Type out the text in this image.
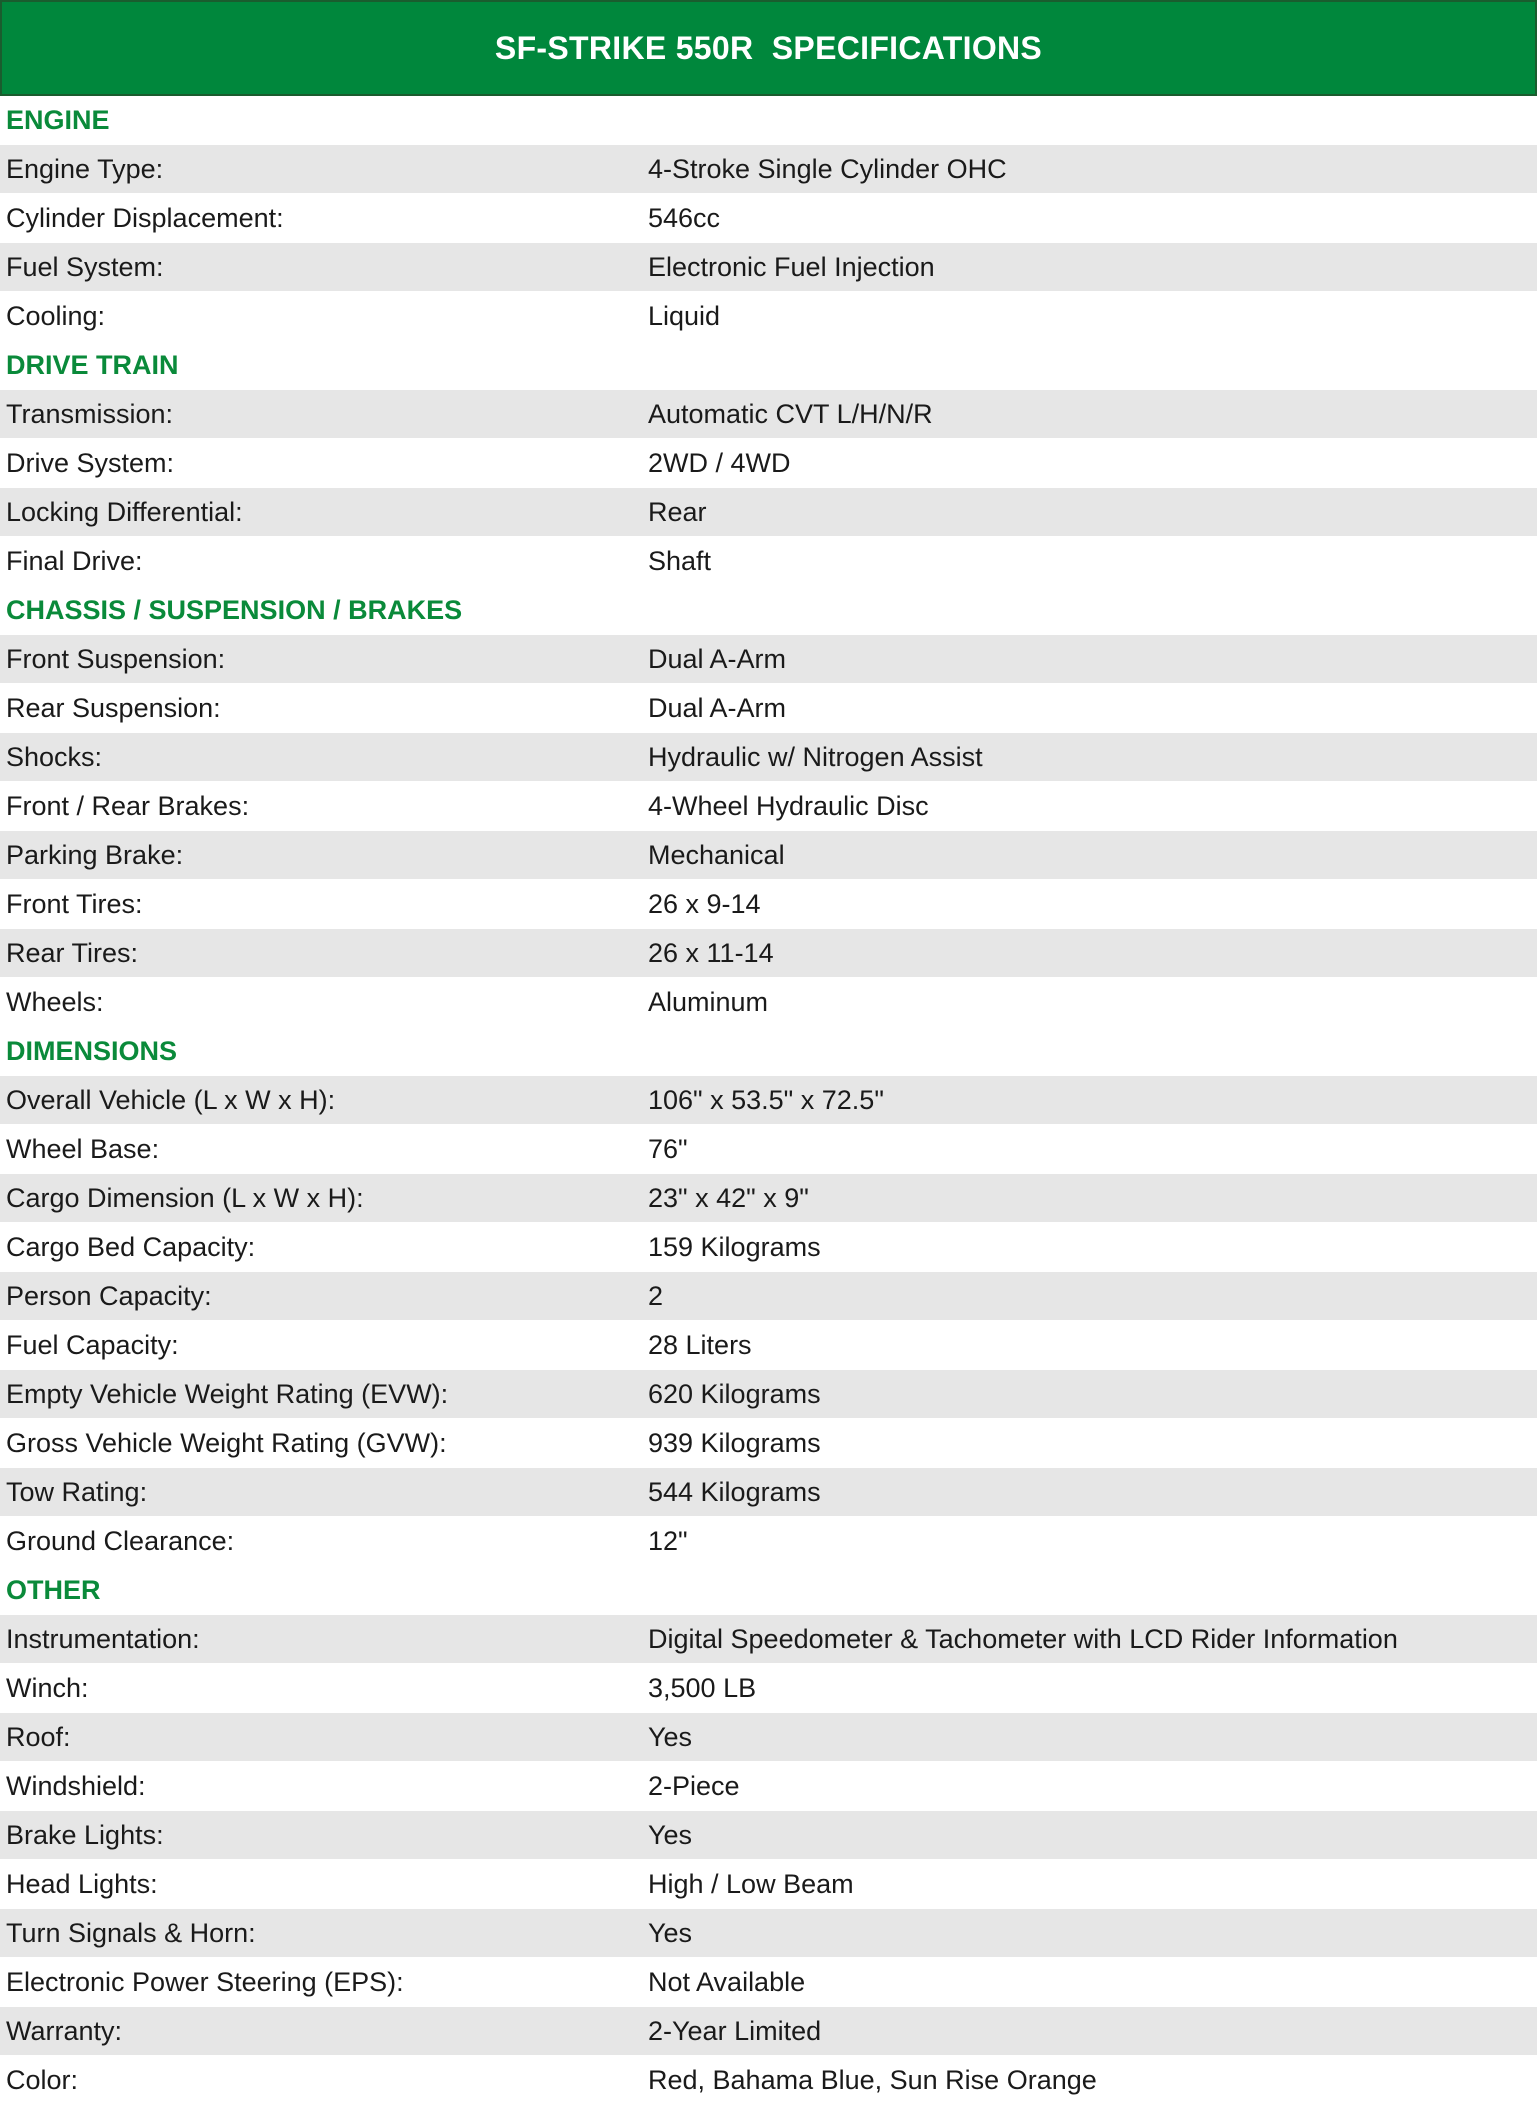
SF-STRIKE 550R  SPECIFICATIONS
ENGINE
Engine Type:	4-Stroke Single Cylinder OHC
Cylinder Displacement:	546cc
Fuel System:	Electronic Fuel Injection
Cooling:	Liquid
DRIVE TRAIN
Transmission:	Automatic CVT L/H/N/R
Drive System:	2WD / 4WD
Locking Differential:	Rear
Final Drive:	Shaft
CHASSIS / SUSPENSION / BRAKES
Front Suspension:	Dual A-Arm
Rear Suspension:	Dual A-Arm
Shocks:	Hydraulic w/ Nitrogen Assist
Front / Rear Brakes:	4-Wheel Hydraulic Disc
Parking Brake:	Mechanical
Front Tires:	26 x 9-14
Rear Tires:	26 x 11-14
Wheels:	Aluminum
DIMENSIONS
Overall Vehicle (L x W x H):	106" x 53.5" x 72.5"
Wheel Base:	76"
Cargo Dimension (L x W x H):	23" x 42" x 9"
Cargo Bed Capacity:	159 Kilograms
Person Capacity:	2
Fuel Capacity:	28 Liters
Empty Vehicle Weight Rating (EVW):	620 Kilograms
Gross Vehicle Weight Rating (GVW):	939 Kilograms
Tow Rating:	544 Kilograms
Ground Clearance:	12"
OTHER
Instrumentation:	Digital Speedometer & Tachometer with LCD Rider Information
Winch:	3,500 LB
Roof:	Yes
Windshield:	2-Piece
Brake Lights:	Yes
Head Lights:	High / Low Beam
Turn Signals & Horn:	Yes
Electronic Power Steering (EPS):	Not Available
Warranty:	2-Year Limited
Color:	Red, Bahama Blue, Sun Rise Orange
